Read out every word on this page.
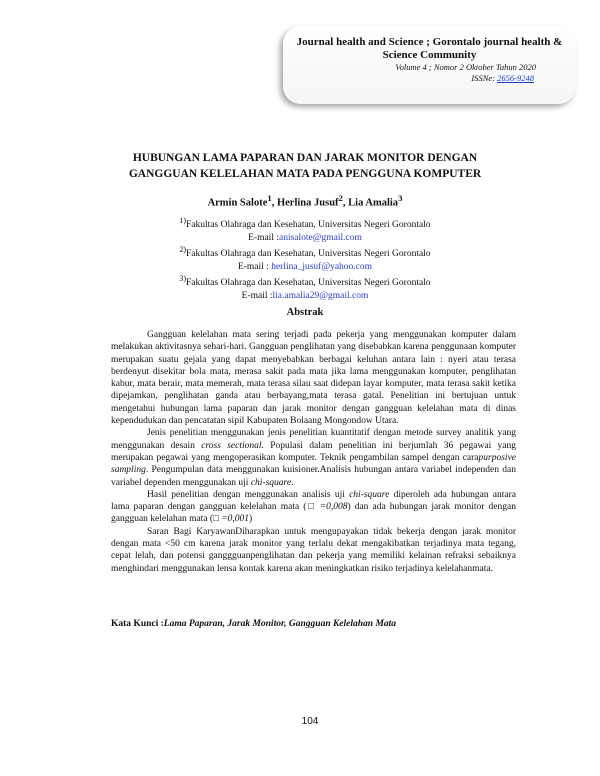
Journal health and Science ; Gorontalo journal health & Science Community
Volume 4 ; Nomor 2 Oktober Tahun 2020
ISSNe: 2656-9248
HUBUNGAN LAMA PAPARAN DAN JARAK MONITOR DENGAN
GANGGUAN KELELAHAN MATA PADA PENGGUNA KOMPUTER
Armin Salote$^1$, Herlina Jusuf$^2$, Lia Amalia$^3$
$^{1)}$Fakultas Olahraga dan Kesehatan, Universitas Negeri Gorontalo
E-mail :anisalote@gmail.com
$^{2)}$Fakultas Olahraga dan Kesehatan, Universitas Negeri Gorontalo
E-mail : herlina_jusuf@yahoo.com
$^{3)}$Fakultas Olahraga dan Kesehatan, Universitas Negeri Gorontalo
E-mail :lia.amalia29@gmail.com
Abstrak

Gangguan kelelahan mata sering terjadi pada pekerja yang menggunakan komputer dalam melakukan aktivitasnya sehari-hari. Gangguan penglihatan yang disebabkan karena penggunaan komputer merupakan suatu gejala yang dapat menyebabkan berbagai keluhan antara lain : nyeri atau terasa berdenyut disekitar bola mata, merasa sakit pada mata jika lama menggunakan komputer, penglihatan kabur, mata berair, mata memerah, mata terasa silau saat didepan layar komputer, mata terasa sakit ketika dipejamkan, penglihatan ganda atau berbayang,mata terasa gatal. Penelitian ini bertujuan untuk mengetahui hubungan lama paparan dan jarak monitor dengan gangguan kelelahan mata di dinas kependudukan dan pencatatan sipil Kabupaten Bolaang Mongondow Utara.

Jenis penelitian menggunakan jenis penelitian kuantitatif dengan metode survey analitik yang menggunakan desain cross sectional. Populasi dalam penelitian ini berjumlah 36 pegawai yang merupakan pegawai yang mengoperasikan komputer. Teknik pengambilan sampel dengan carapurposive sampling. Pengumpulan data menggunakan kuisioner.Analisis hubungan antara variabel independen dan variabel dependen menggunakan uji chi-square.

Hasil penelitian dengan menggunakan analisis uji chi-square diperoleh ada hubungan antara lama paparan dengan gangguan kelelahan mata (□ =0,008) dan ada hubungan jarak monitor dengan gangguan kelelahan mata (□ =0,001)

Saran Bagi KaryawanDiharapkan untuk mengupayakan tidak bekerja dengan jarak monitor dengan mata <50 cm karena jarak monitor yang terlalu dekat mengakibatkan terjadinya mata tegang, cepat lelah, dan potensi ganggguanpenglihatan dan pekerja yang memiliki kelainan refraksi sebaiknya menghindari menggunakan lensa kontak karena akan meningkatkan risiko terjadinya kelelahanmata.

Kata Kunci :Lama Paparan, Jarak Monitor, Gangguan Kelelahan Mata
104
